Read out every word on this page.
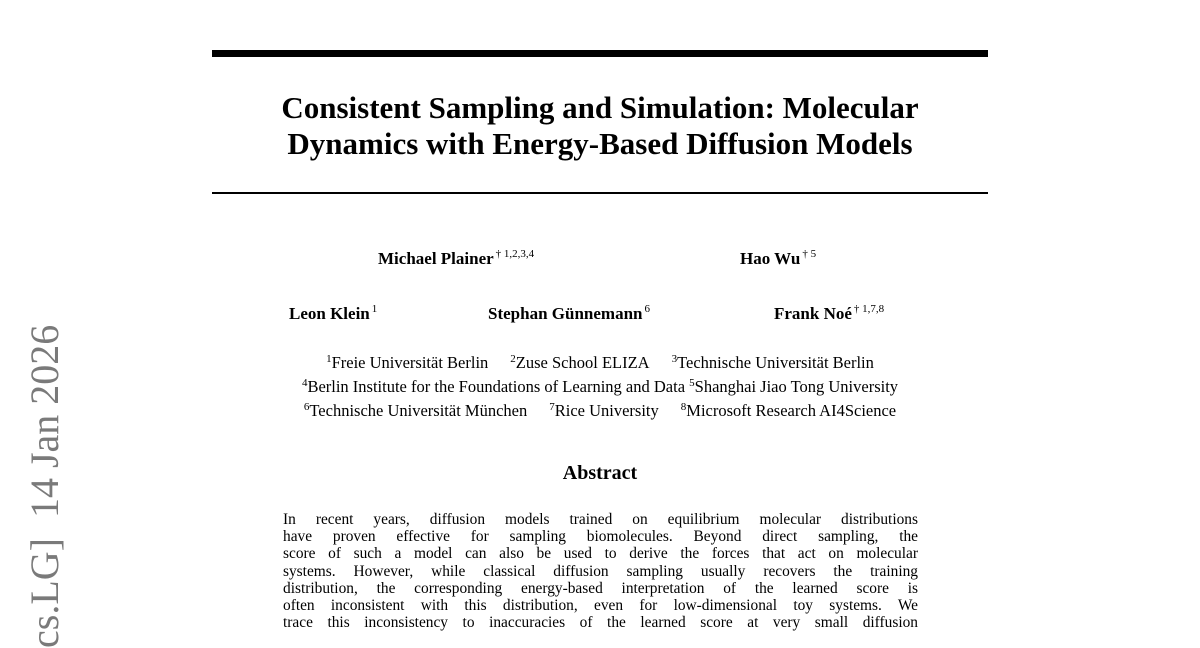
cs.LG]  14 Jan 2026
Consistent Sampling and Simulation: Molecular
Dynamics with Energy-Based Diffusion Models
Michael Plainer $^{\dagger 1,2,3,4}$	Hao Wu $^{\dagger 5}$
Leon Klein $^1$	Stephan Günnemann $^6$	Frank Noé $^{\dagger 1,7,8}$
$^1$Freie Universität Berlin $^2$Zuse School ELIZA $^3$Technische Universität Berlin
$^4$Berlin Institute for the Foundations of Learning and Data $^5$Shanghai Jiao Tong University
$^6$Technische Universität München $^7$Rice University $^8$Microsoft Research AI4Science
Abstract
In recent years, diffusion models trained on equilibrium molecular distributions
have proven effective for sampling biomolecules. Beyond direct sampling, the
score of such a model can also be used to derive the forces that act on molecular
systems. However, while classical diffusion sampling usually recovers the training
distribution, the corresponding energy-based interpretation of the learned score is
often inconsistent with this distribution, even for low-dimensional toy systems. We
trace this inconsistency to inaccuracies of the learned score at very small diffusion
